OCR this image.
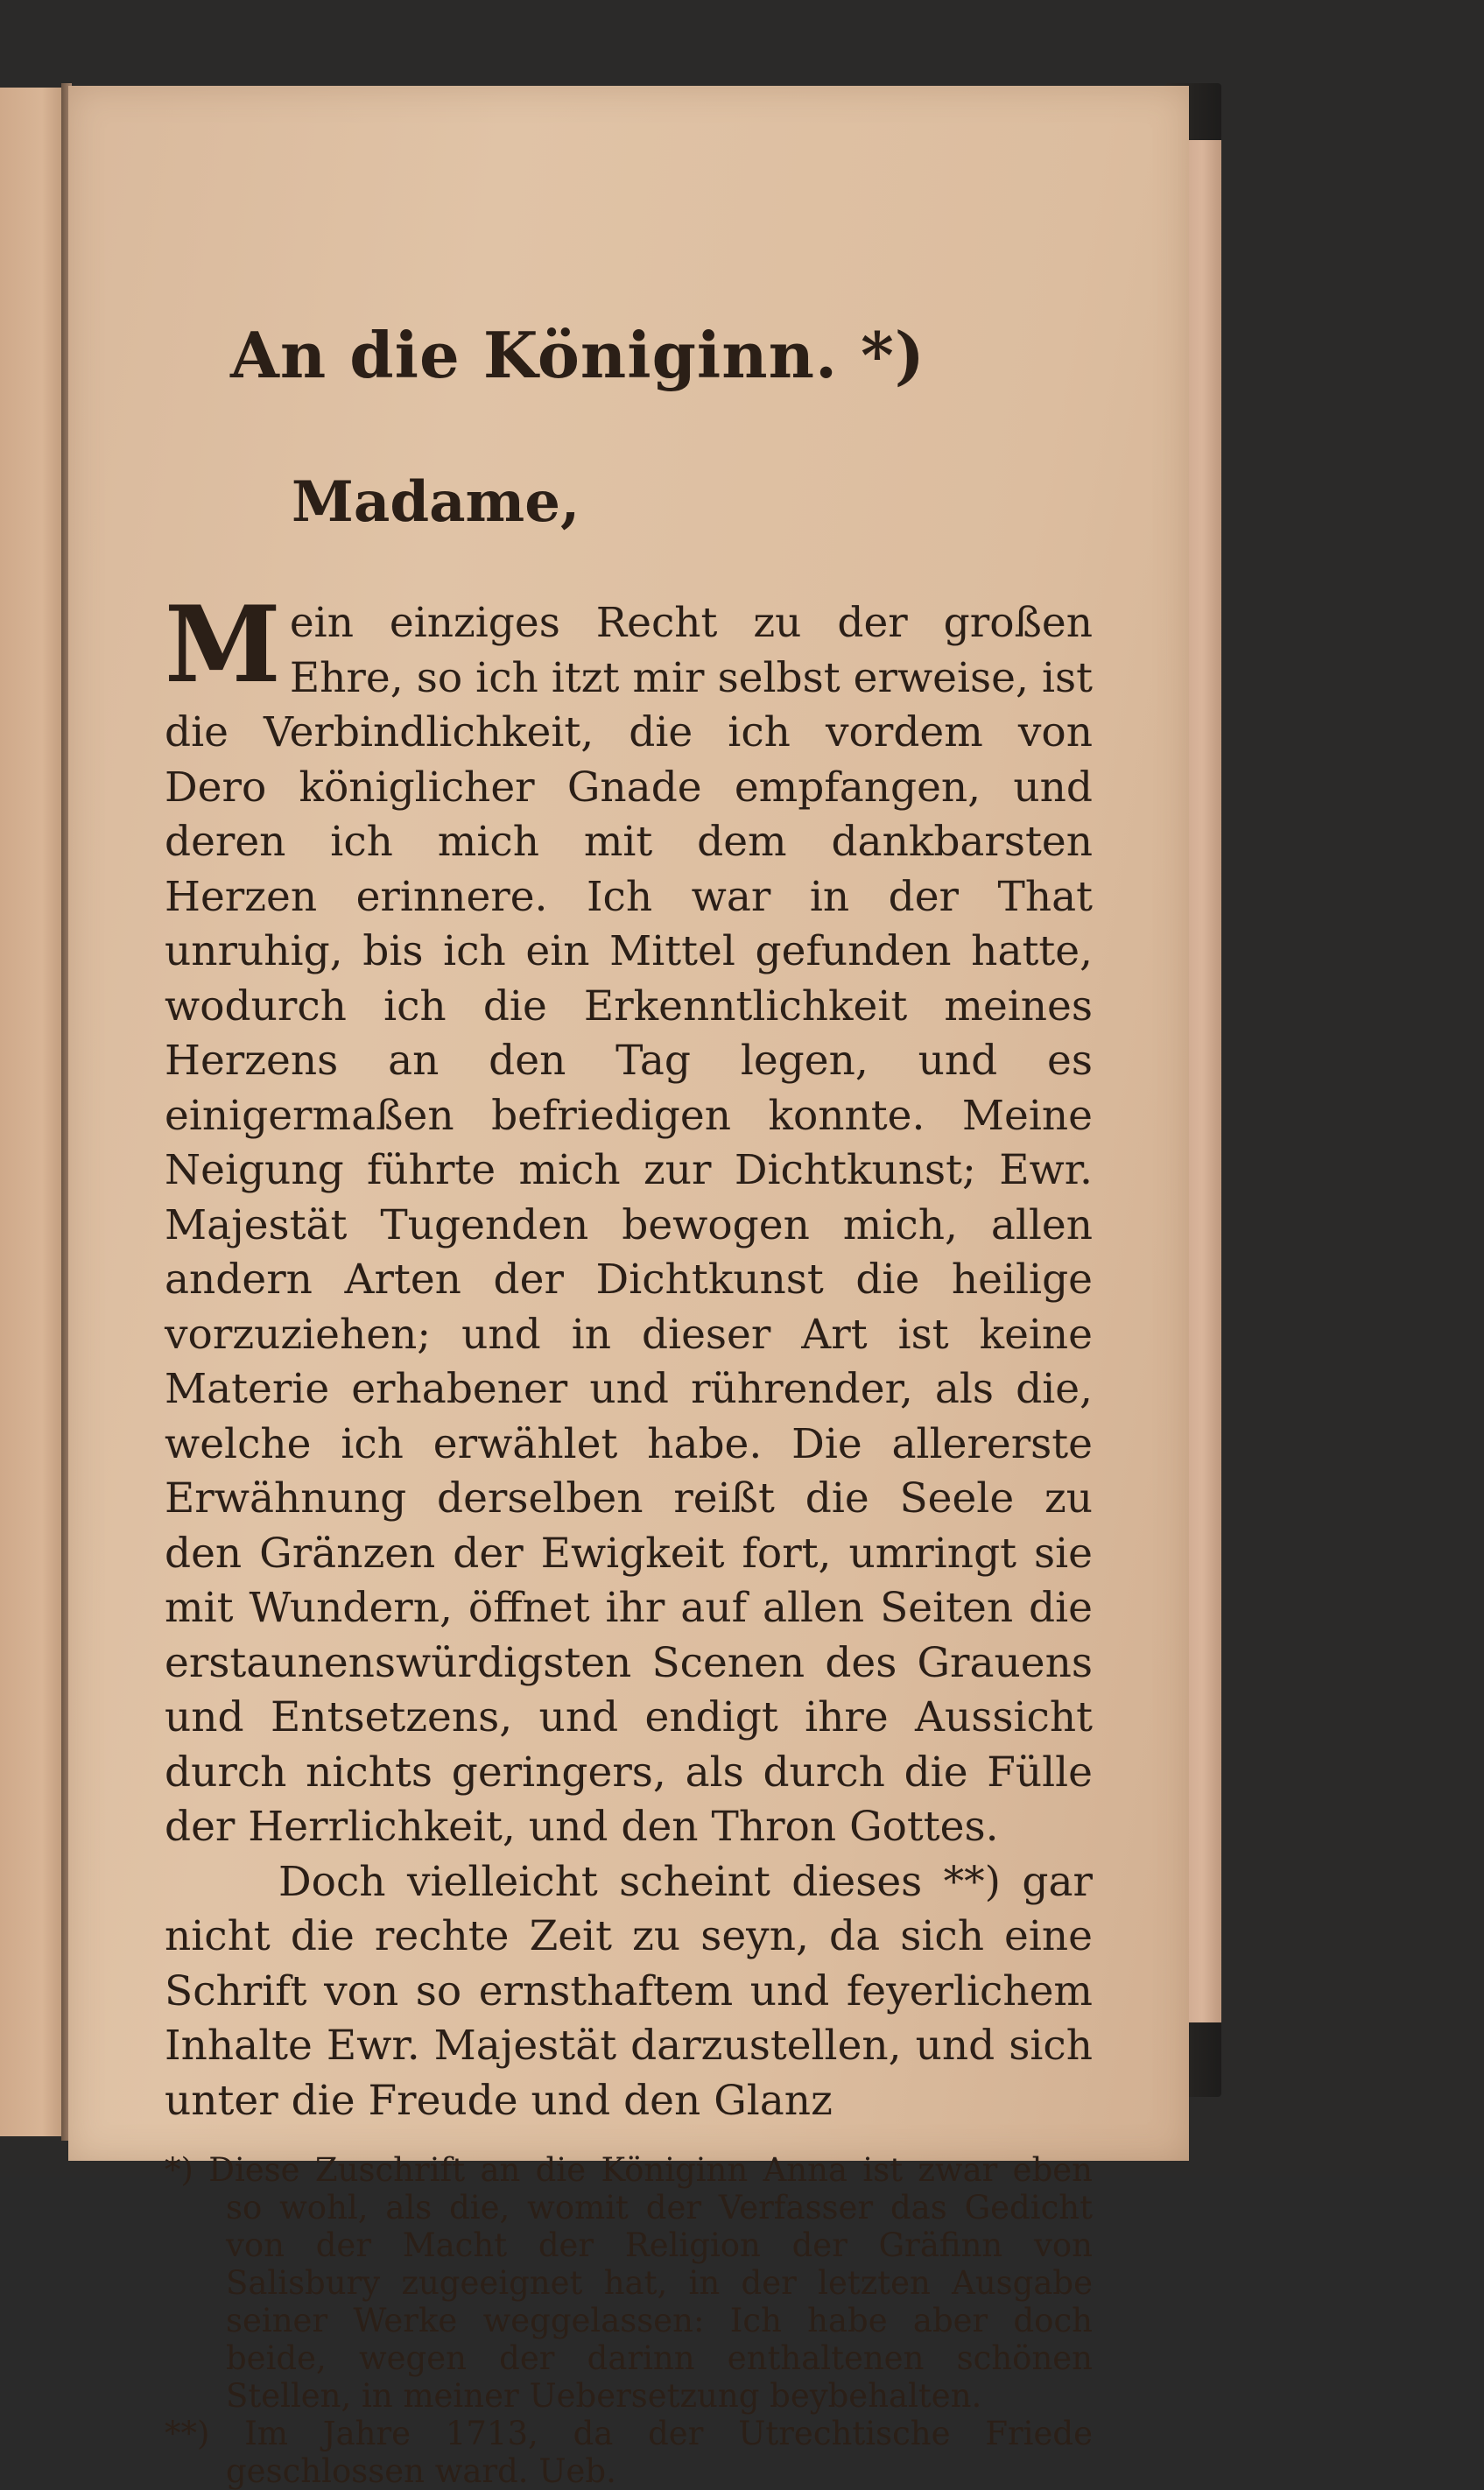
An die Königinn. *)
Madame,

Mein einziges Recht zu der großen Ehre, so ich itzt mir selbst erweise, ist die Verbindlichkeit, die ich vordem von Dero königlicher Gnade empfangen, und deren ich mich mit dem dankbarsten Herzen erinnere. Ich war in der That unruhig, bis ich ein Mittel gefunden hatte, wodurch ich die Erkenntlichkeit meines Herzens an den Tag legen, und es einigermaßen befriedigen konnte. Meine Neigung führte mich zur Dichtkunst; Ewr. Majestät Tugenden bewogen mich, allen andern Arten der Dichtkunst die heilige vorzuziehen; und in dieser Art ist keine Materie erhabener und rührender, als die, welche ich erwählet habe. Die allererste Erwähnung derselben reißt die Seele zu den Gränzen der Ewigkeit fort, umringt sie mit Wundern, öffnet ihr auf allen Seiten die erstaunenswürdigsten Scenen des Grauens und Entsetzens, und endigt ihre Aussicht durch nichts geringers, als durch die Fülle der Herrlichkeit, und den Thron Gottes.

Doch vielleicht scheint dieses **) gar nicht die rechte Zeit zu seyn, da sich eine Schrift von so ernsthaftem und feyerlichem Inhalte Ewr. Majestät darzustellen, und sich unter die Freude und den Glanz

*) Diese Zuschrift an die Königinn Anna ist zwar eben so wohl, als die, womit der Verfasser das Gedicht von der Macht der Religion der Gräfinn von Salisbury zugeeignet hat, in der letzten Ausgabe seiner Werke weggelassen: Ich habe aber doch beide, wegen der darinn enthaltenen schönen Stellen, in meiner Uebersetzung beybehalten.

**) Im Jahre 1713, da der Utrechtische Friede geschlossen ward. Ueb.
